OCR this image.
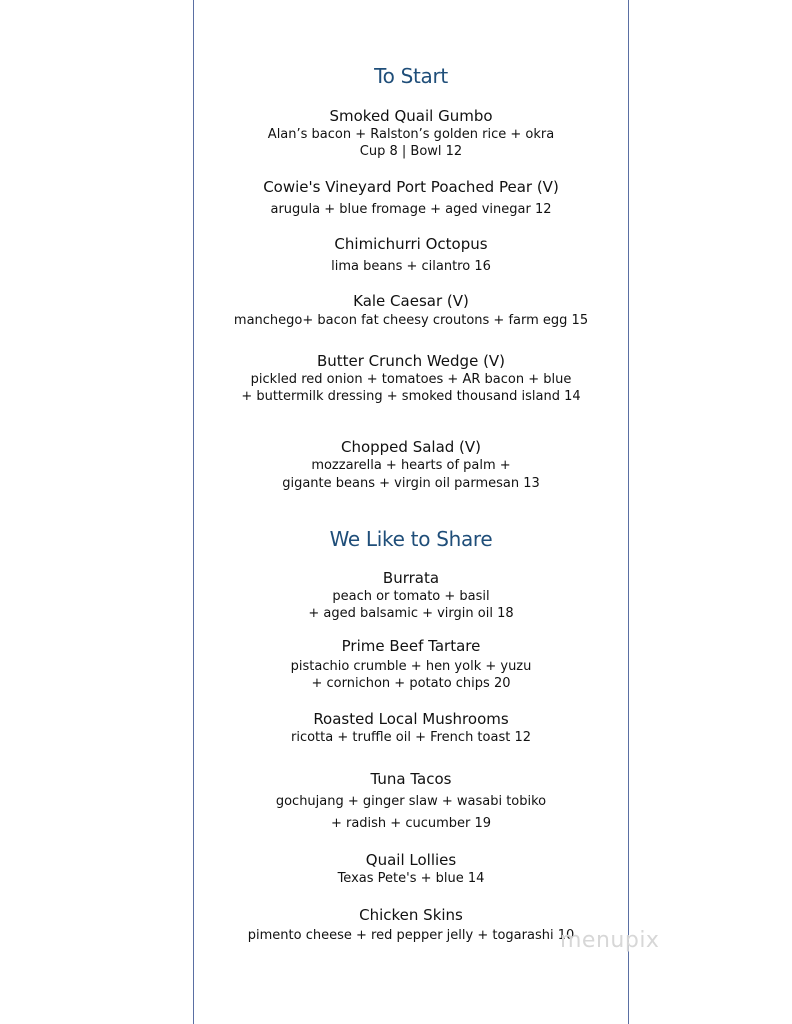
To Start
Smoked Quail Gumbo
Alan’s bacon + Ralston’s golden rice + okra
Cup 8 | Bowl 12
Cowie's Vineyard Port Poached Pear (V)
arugula + blue fromage + aged vinegar 12
Chimichurri Octopus
lima beans + cilantro 16
Kale Caesar (V)
manchego+ bacon fat cheesy croutons + farm egg 15
Butter Crunch Wedge (V)
pickled red onion + tomatoes + AR bacon + blue
+ buttermilk dressing + smoked thousand island 14
Chopped Salad (V)
mozzarella + hearts of palm +
gigante beans + virgin oil parmesan 13
We Like to Share
Burrata
peach or tomato + basil
+ aged balsamic + virgin oil 18
Prime Beef Tartare
pistachio crumble + hen yolk + yuzu
+ cornichon + potato chips 20
Roasted Local Mushrooms
ricotta + truffle oil + French toast 12
Tuna Tacos
gochujang + ginger slaw + wasabi tobiko
+ radish + cucumber 19
Quail Lollies
Texas Pete's + blue 14
Chicken Skins
pimento cheese + red pepper jelly + togarashi 10
menupix
